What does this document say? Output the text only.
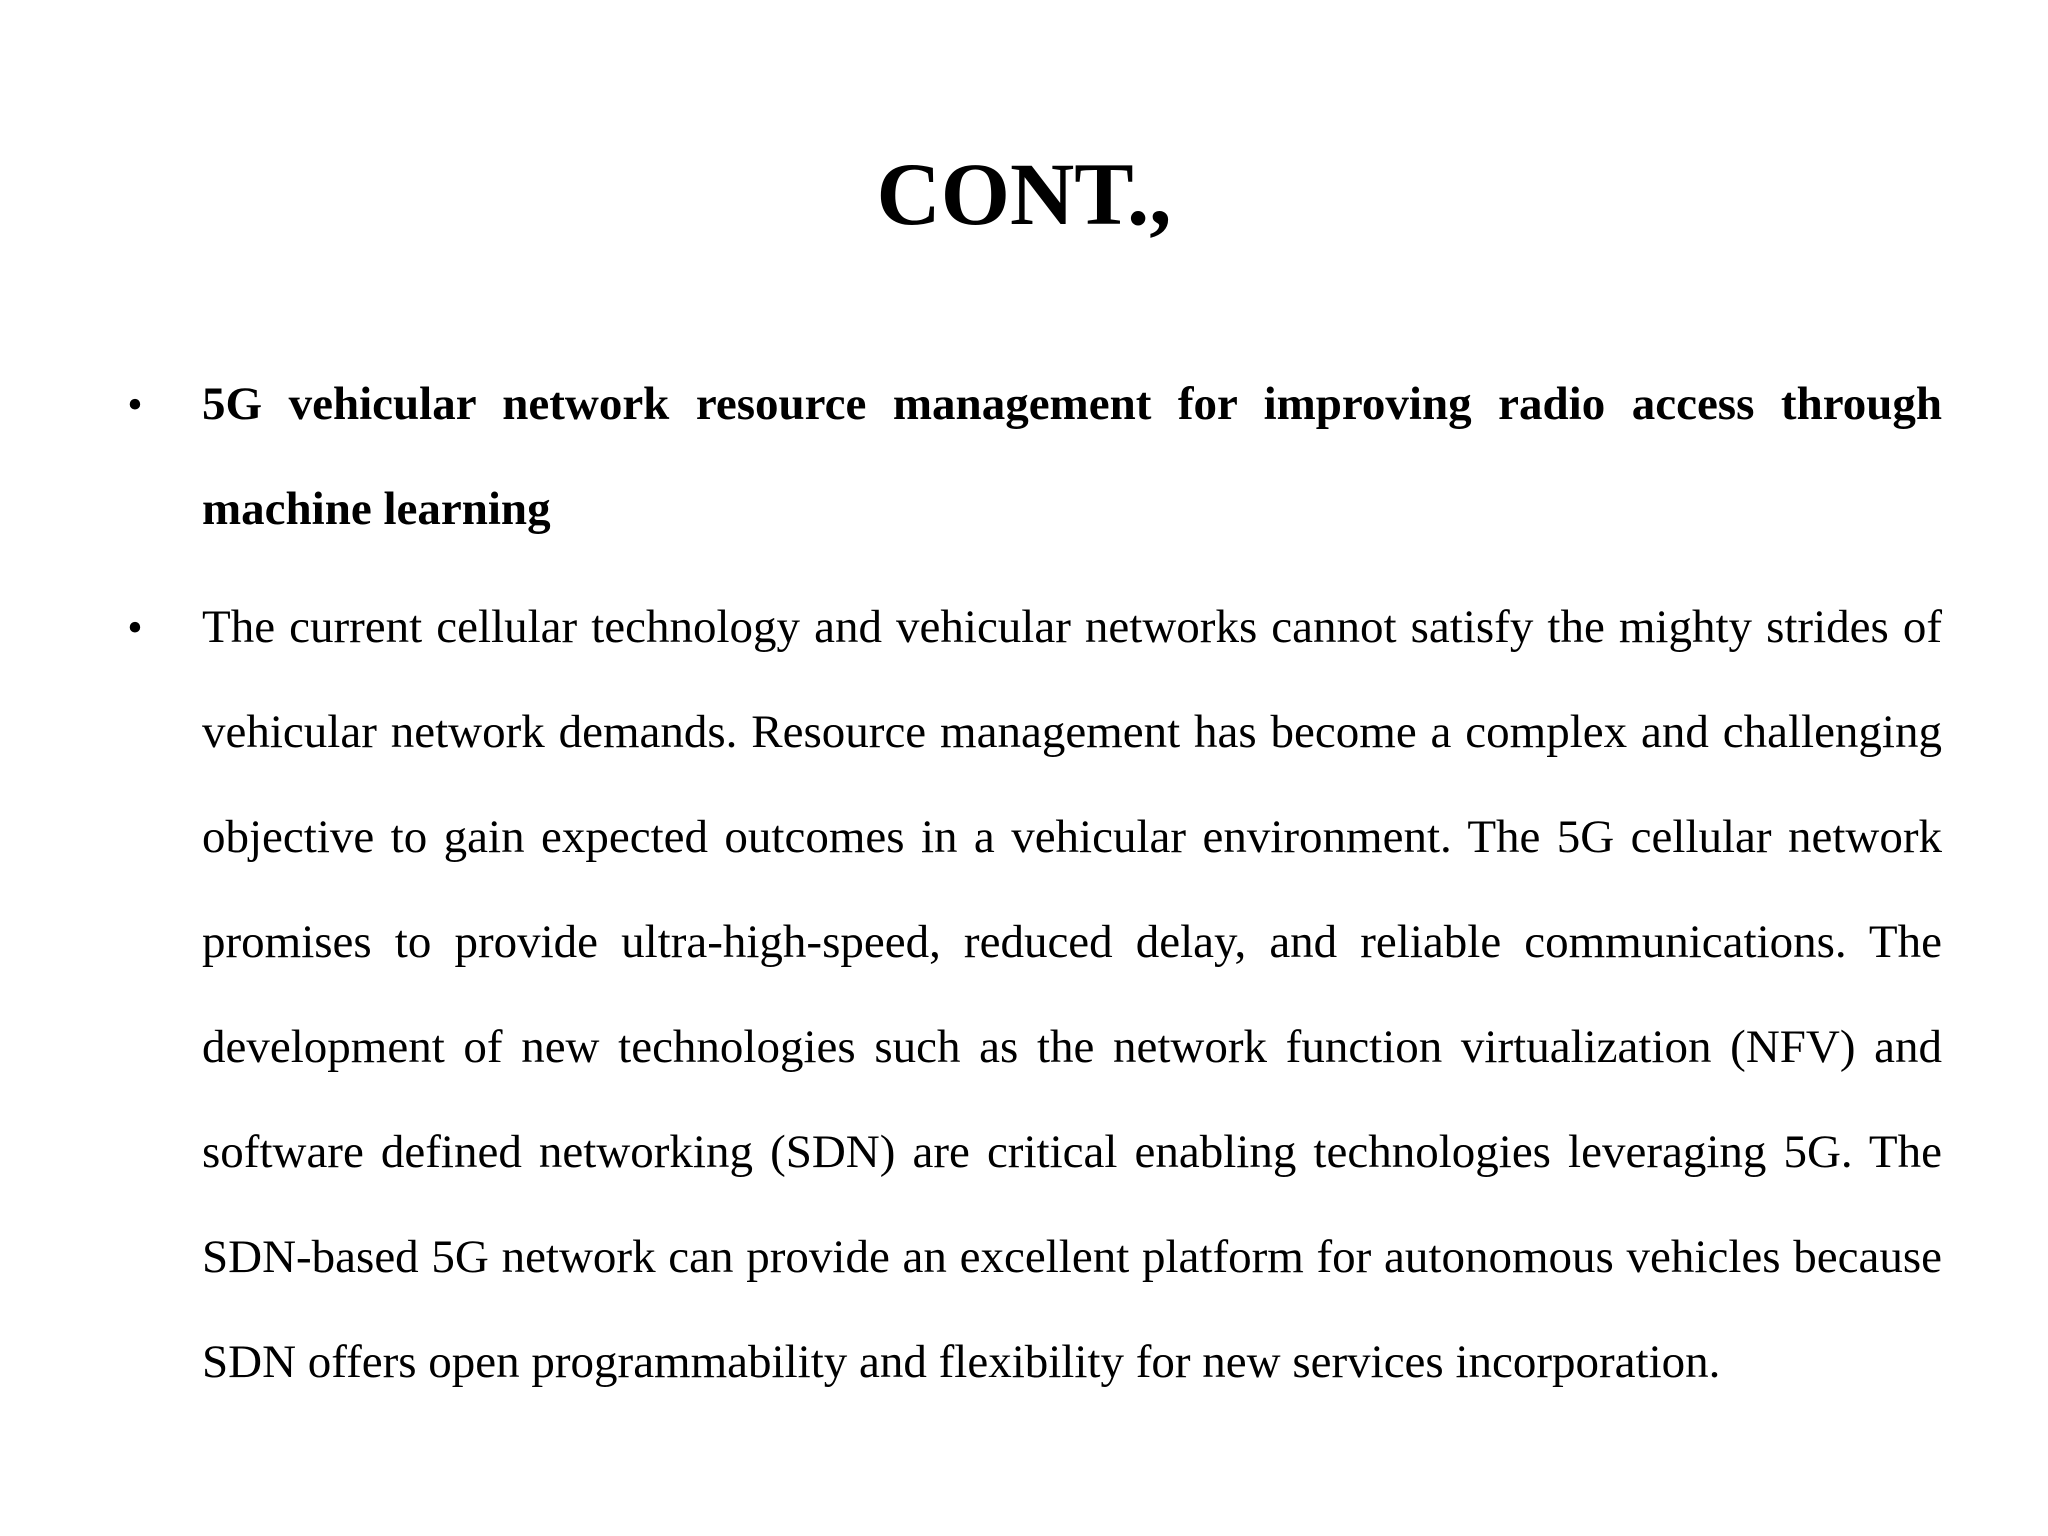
CONT.,
• 5G vehicular network resource management for improving radio access through machine learning
• The current cellular technology and vehicular networks cannot satisfy the mighty strides of vehicular network demands. Resource management has become a complex and challenging objective to gain expected outcomes in a vehicular environment. The 5G cellular network promises to provide ultra-high-speed, reduced delay, and reliable communications. The development of new technologies such as the network function virtualization (NFV) and software defined networking (SDN) are critical enabling technologies leveraging 5G. The SDN-based 5G network can provide an excellent platform for autonomous vehicles because SDN offers open programmability and flexibility for new services incorporation.
